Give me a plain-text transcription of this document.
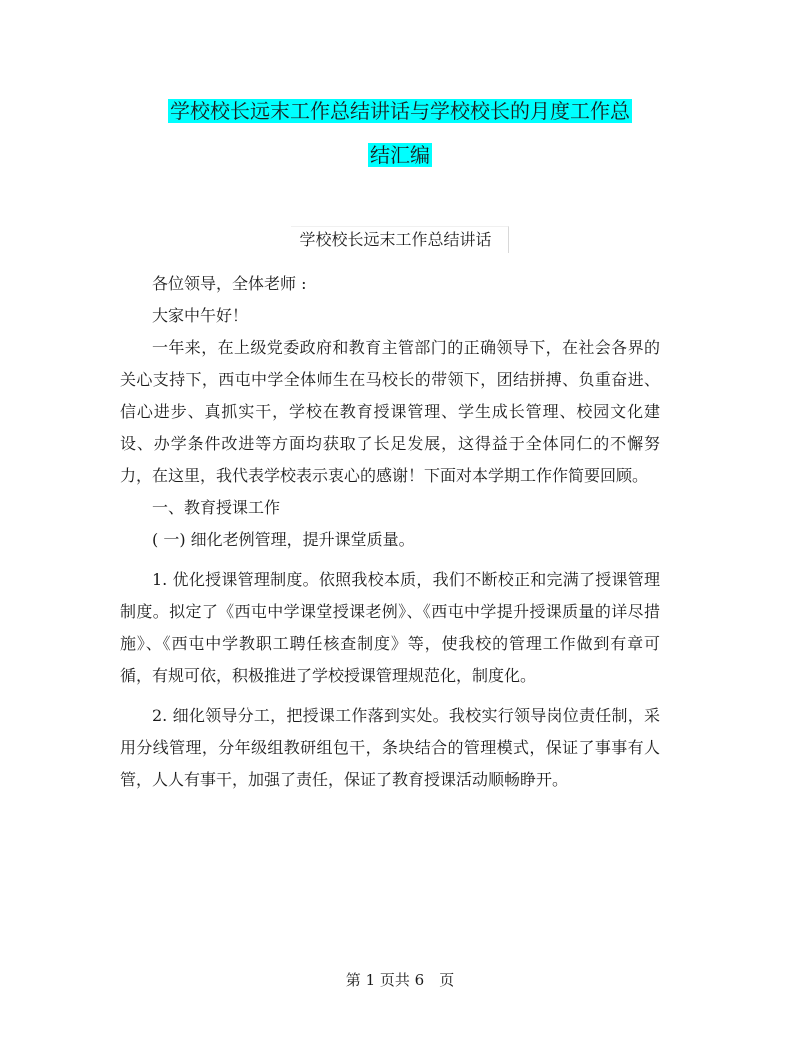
学校校长远末工作总结讲话与学校校长的月度工作总
结汇编
学校校长远末工作总结讲话

各位领导，全体老师 :

大家中午好！

一年来，在上级党委政府和教育主管部门的正确领导下，在社会各界的关心支持下，西屯中学全体师生在马校长的带领下，团结拼搏、负重奋进、信心进步、真抓实干，学校在教育授课管理、学生成长管理、校园文化建设、办学条件改进等方面均获取了长足发展，这得益于全体同仁的不懈努力，在这里，我代表学校表示衷心的感谢！下面对本学期工作作简要回顾。

一、教育授课工作

( 一) 细化老例管理，提升课堂质量。

1. 优化授课管理制度。依照我校本质，我们不断校正和完满了授课管理制度。拟定了《西屯中学课堂授课老例》、《西屯中学提升授课质量的详尽措施》、《西屯中学教职工聘任核查制度》等，使我校的管理工作做到有章可循，有规可依，积极推进了学校授课管理规范化，制度化。

2. 细化领导分工，把授课工作落到实处。我校实行领导岗位责任制，采用分线管理，分年级组教研组包干，条块结合的管理模式，保证了事事有人管，人人有事干，加强了责任，保证了教育授课活动顺畅睁开。

第 1 页共 6　页
